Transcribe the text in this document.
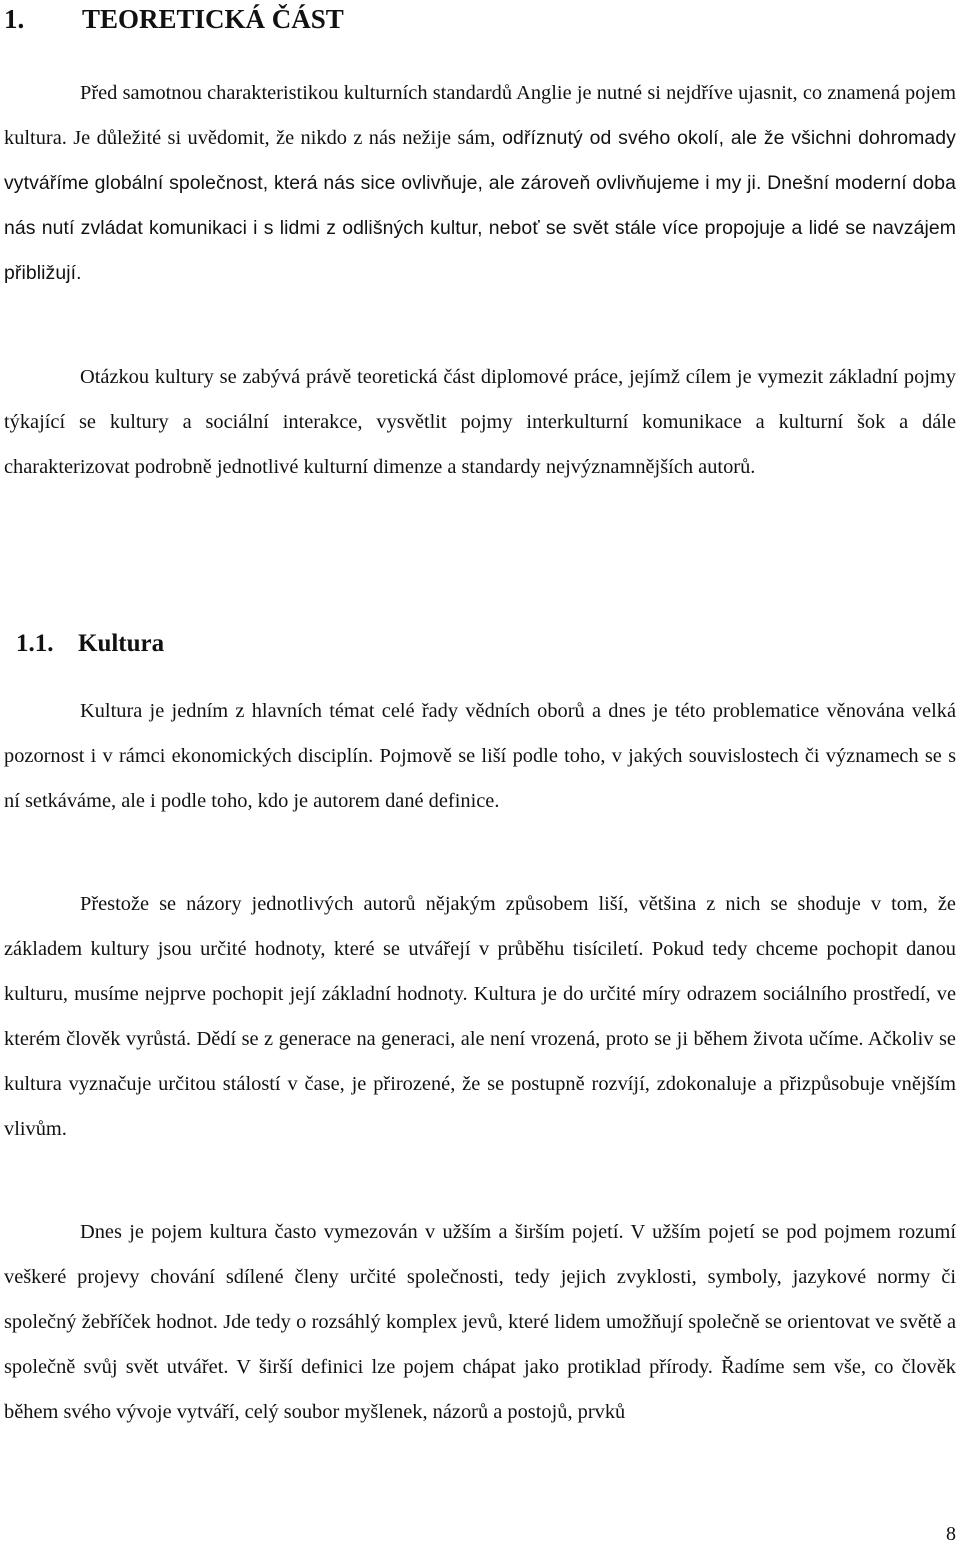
1. TEORETICKÁ ČÁST

Před samotnou charakteristikou kulturních standardů Anglie je nutné si nejdříve ujasnit, co znamená pojem kultura. Je důležité si uvědomit, že nikdo z nás nežije sám, odříznutý od svého okolí, ale že všichni dohromady vytváříme globální společnost, která nás sice ovlivňuje, ale zároveň ovlivňujeme i my ji. Dnešní moderní doba nás nutí zvládat komunikaci i s lidmi z odlišných kultur, neboť se svět stále více propojuje a lidé se navzájem přibližují.

Otázkou kultury se zabývá právě teoretická část diplomové práce, jejímž cílem je vymezit základní pojmy týkající se kultury a sociální interakce, vysvětlit pojmy interkulturní komunikace a kulturní šok a dále charakterizovat podrobně jednotlivé kulturní dimenze a standardy nejvýznamnějších autorů.

1.1. Kultura

Kultura je jedním z hlavních témat celé řady vědních oborů a dnes je této problematice věnována velká pozornost i v rámci ekonomických disciplín. Pojmově se liší podle toho, v jakých souvislostech či významech se s ní setkáváme, ale i podle toho, kdo je autorem dané definice.

Přestože se názory jednotlivých autorů nějakým způsobem liší, většina z nich se shoduje v tom, že základem kultury jsou určité hodnoty, které se utvářejí v průběhu tisíciletí. Pokud tedy chceme pochopit danou kulturu, musíme nejprve pochopit její základní hodnoty. Kultura je do určité míry odrazem sociálního prostředí, ve kterém člověk vyrůstá. Dědí se z generace na generaci, ale není vrozená, proto se ji během života učíme. Ačkoliv se kultura vyznačuje určitou stálostí v čase, je přirozené, že se postupně rozvíjí, zdokonaluje a přizpůsobuje vnějším vlivům.

Dnes je pojem kultura často vymezován v užším a širším pojetí. V užším pojetí se pod pojmem rozumí veškeré projevy chování sdílené členy určité společnosti, tedy jejich zvyklosti, symboly, jazykové normy či společný žebříček hodnot. Jde tedy o rozsáhlý komplex jevů, které lidem umožňují společně se orientovat ve světě a společně svůj svět utvářet. V širší definici lze pojem chápat jako protiklad přírody. Řadíme sem vše, co člověk během svého vývoje vytváří, celý soubor myšlenek, názorů a postojů, prvků

8
